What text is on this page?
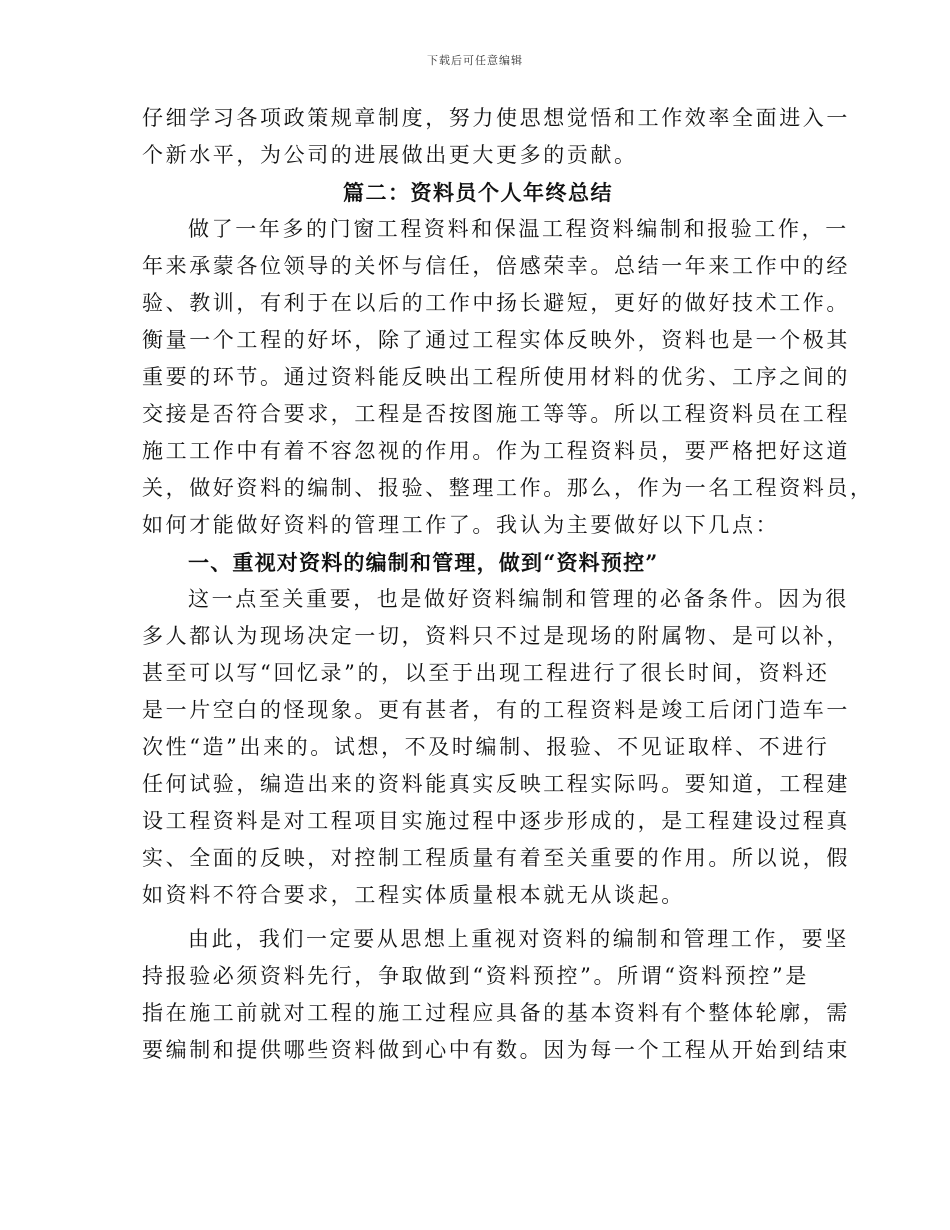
下载后可任意编辑
仔细学习各项政策规章制度，努力使思想觉悟和工作效率全面进入一
个新水平，为公司的进展做出更大更多的贡献。
篇二：资料员个人年终总结
做了一年多的门窗工程资料和保温工程资料编制和报验工作，一
年来承蒙各位领导的关怀与信任，倍感荣幸。总结一年来工作中的经
验、教训，有利于在以后的工作中扬长避短，更好的做好技术工作。
衡量一个工程的好坏，除了通过工程实体反映外，资料也是一个极其
重要的环节。通过资料能反映出工程所使用材料的优劣、工序之间的
交接是否符合要求，工程是否按图施工等等。所以工程资料员在工程
施工工作中有着不容忽视的作用。作为工程资料员，要严格把好这道
关，做好资料的编制、报验、整理工作。那么，作为一名工程资料员，
如何才能做好资料的管理工作了。我认为主要做好以下几点：
一、重视对资料的编制和管理，做到“资料预控”
这一点至关重要，也是做好资料编制和管理的必备条件。因为很
多人都认为现场决定一切，资料只不过是现场的附属物、是可以补，
甚至可以写“回忆录”的，以至于出现工程进行了很长时间，资料还
是一片空白的怪现象。更有甚者，有的工程资料是竣工后闭门造车一
次性“造”出来的。试想，不及时编制、报验、不见证取样、不进行
任何试验，编造出来的资料能真实反映工程实际吗。要知道，工程建
设工程资料是对工程项目实施过程中逐步形成的，是工程建设过程真
实、全面的反映，对控制工程质量有着至关重要的作用。所以说，假
如资料不符合要求，工程实体质量根本就无从谈起。
由此，我们一定要从思想上重视对资料的编制和管理工作，要坚
持报验必须资料先行，争取做到“资料预控”。所谓“资料预控”是
指在施工前就对工程的施工过程应具备的基本资料有个整体轮廓，需
要编制和提供哪些资料做到心中有数。因为每一个工程从开始到结束
